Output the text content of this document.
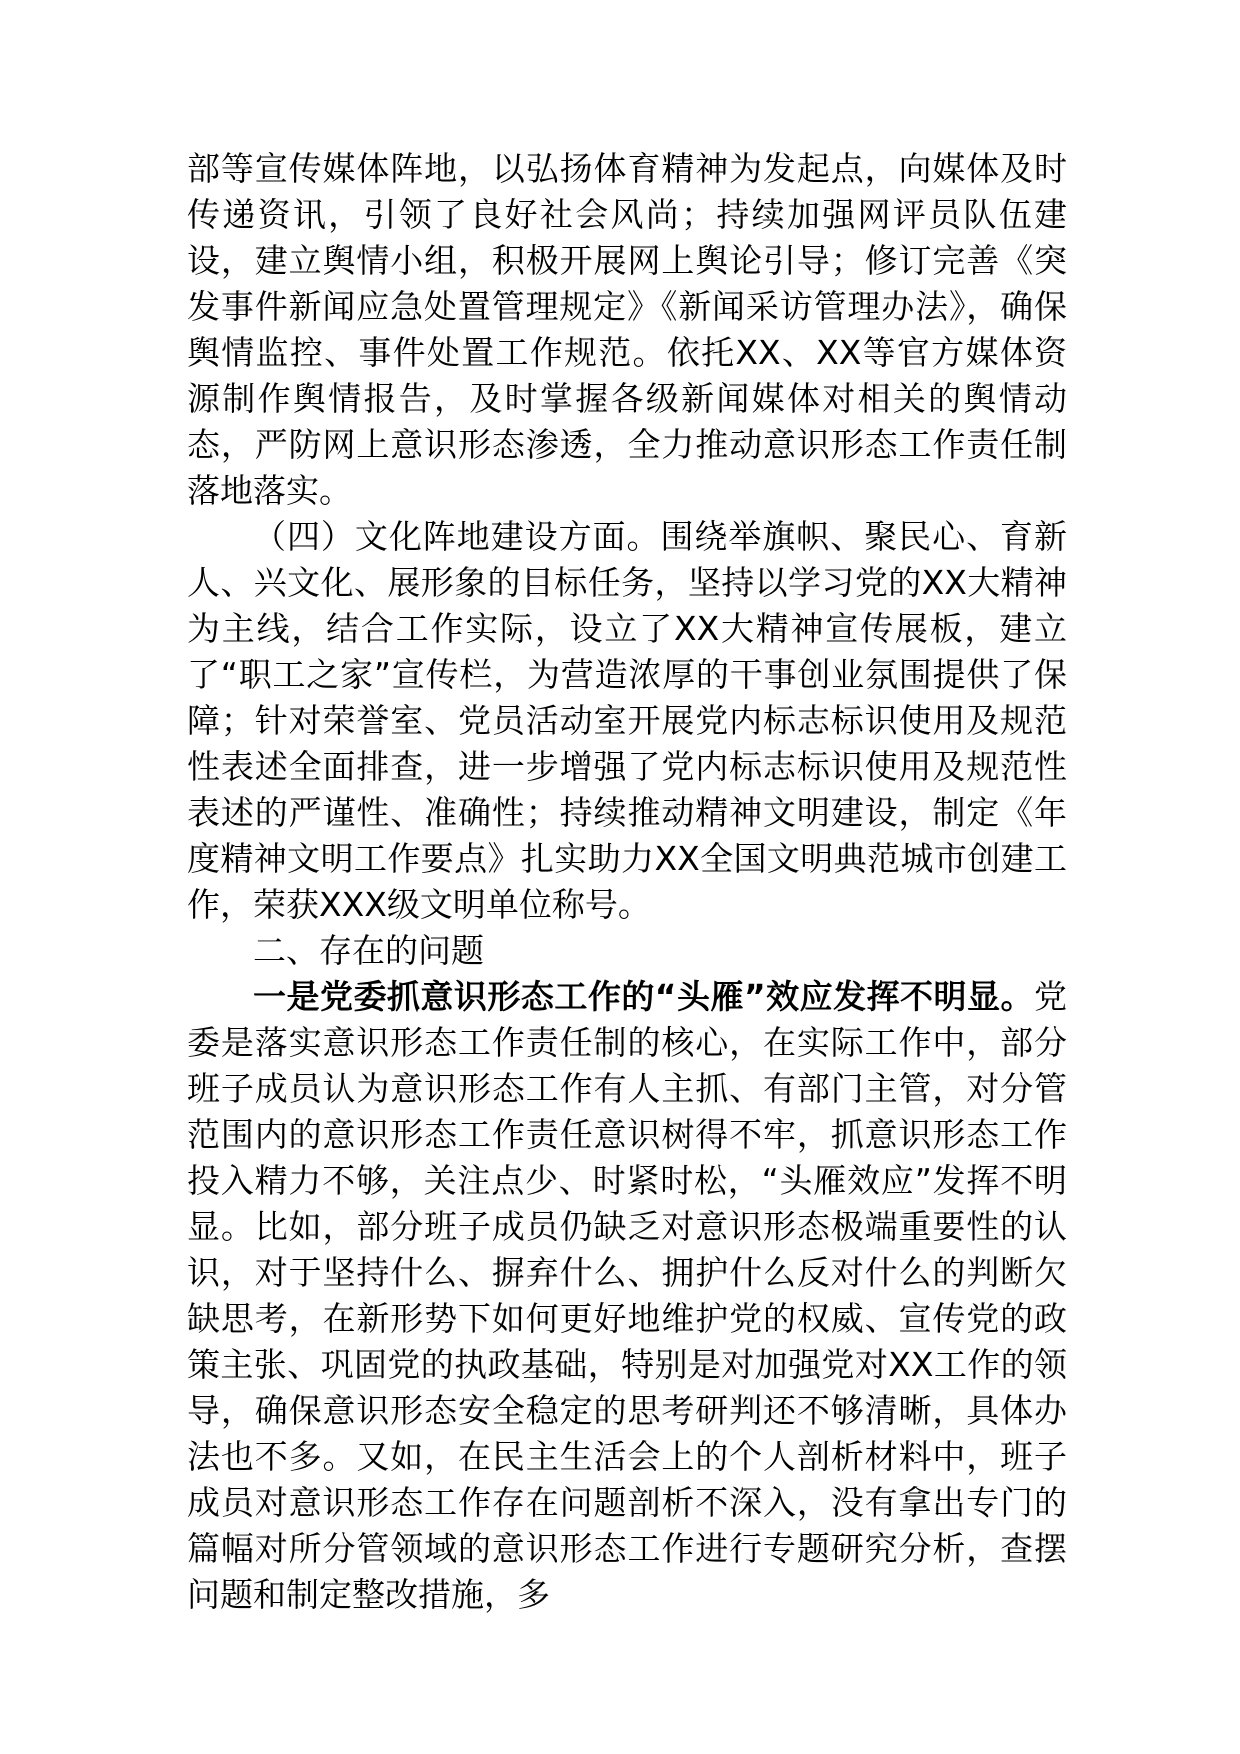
部等宣传媒体阵地，以弘扬体育精神为发起点，向媒体及时传递资讯，引领了良好社会风尚；持续加强网评员队伍建设，建立舆情小组，积极开展网上舆论引导；修订完善《突发事件新闻应急处置管理规定》《新闻采访管理办法》，确保舆情监控、事件处置工作规范。依托XX、XX等官方媒体资源制作舆情报告，及时掌握各级新闻媒体对相关的舆情动态，严防网上意识形态渗透，全力推动意识形态工作责任制落地落实。

（四）文化阵地建设方面。围绕举旗帜、聚民心、育新人、兴文化、展形象的目标任务，坚持以学习党的XX大精神为主线，结合工作实际，设立了XX大精神宣传展板，建立了“职工之家”宣传栏，为营造浓厚的干事创业氛围提供了保障；针对荣誉室、党员活动室开展党内标志标识使用及规范性表述全面排查，进一步增强了党内标志标识使用及规范性表述的严谨性、准确性；持续推动精神文明建设，制定《年度精神文明工作要点》扎实助力XX全国文明典范城市创建工作，荣获XXX级文明单位称号。

二、存在的问题

一是党委抓意识形态工作的“头雁”效应发挥不明显。党委是落实意识形态工作责任制的核心，在实际工作中，部分班子成员认为意识形态工作有人主抓、有部门主管，对分管范围内的意识形态工作责任意识树得不牢，抓意识形态工作投入精力不够，关注点少、时紧时松，“头雁效应”发挥不明显。比如，部分班子成员仍缺乏对意识形态极端重要性的认识，对于坚持什么、摒弃什么、拥护什么反对什么的判断欠缺思考，在新形势下如何更好地维护党的权威、宣传党的政策主张、巩固党的执政基础，特别是对加强党对XX工作的领导，确保意识形态安全稳定的思考研判还不够清晰，具体办法也不多。又如，在民主生活会上的个人剖析材料中，班子成员对意识形态工作存在问题剖析不深入，没有拿出专门的篇幅对所分管领域的意识形态工作进行专题研究分析，查摆问题和制定整改措施，多
